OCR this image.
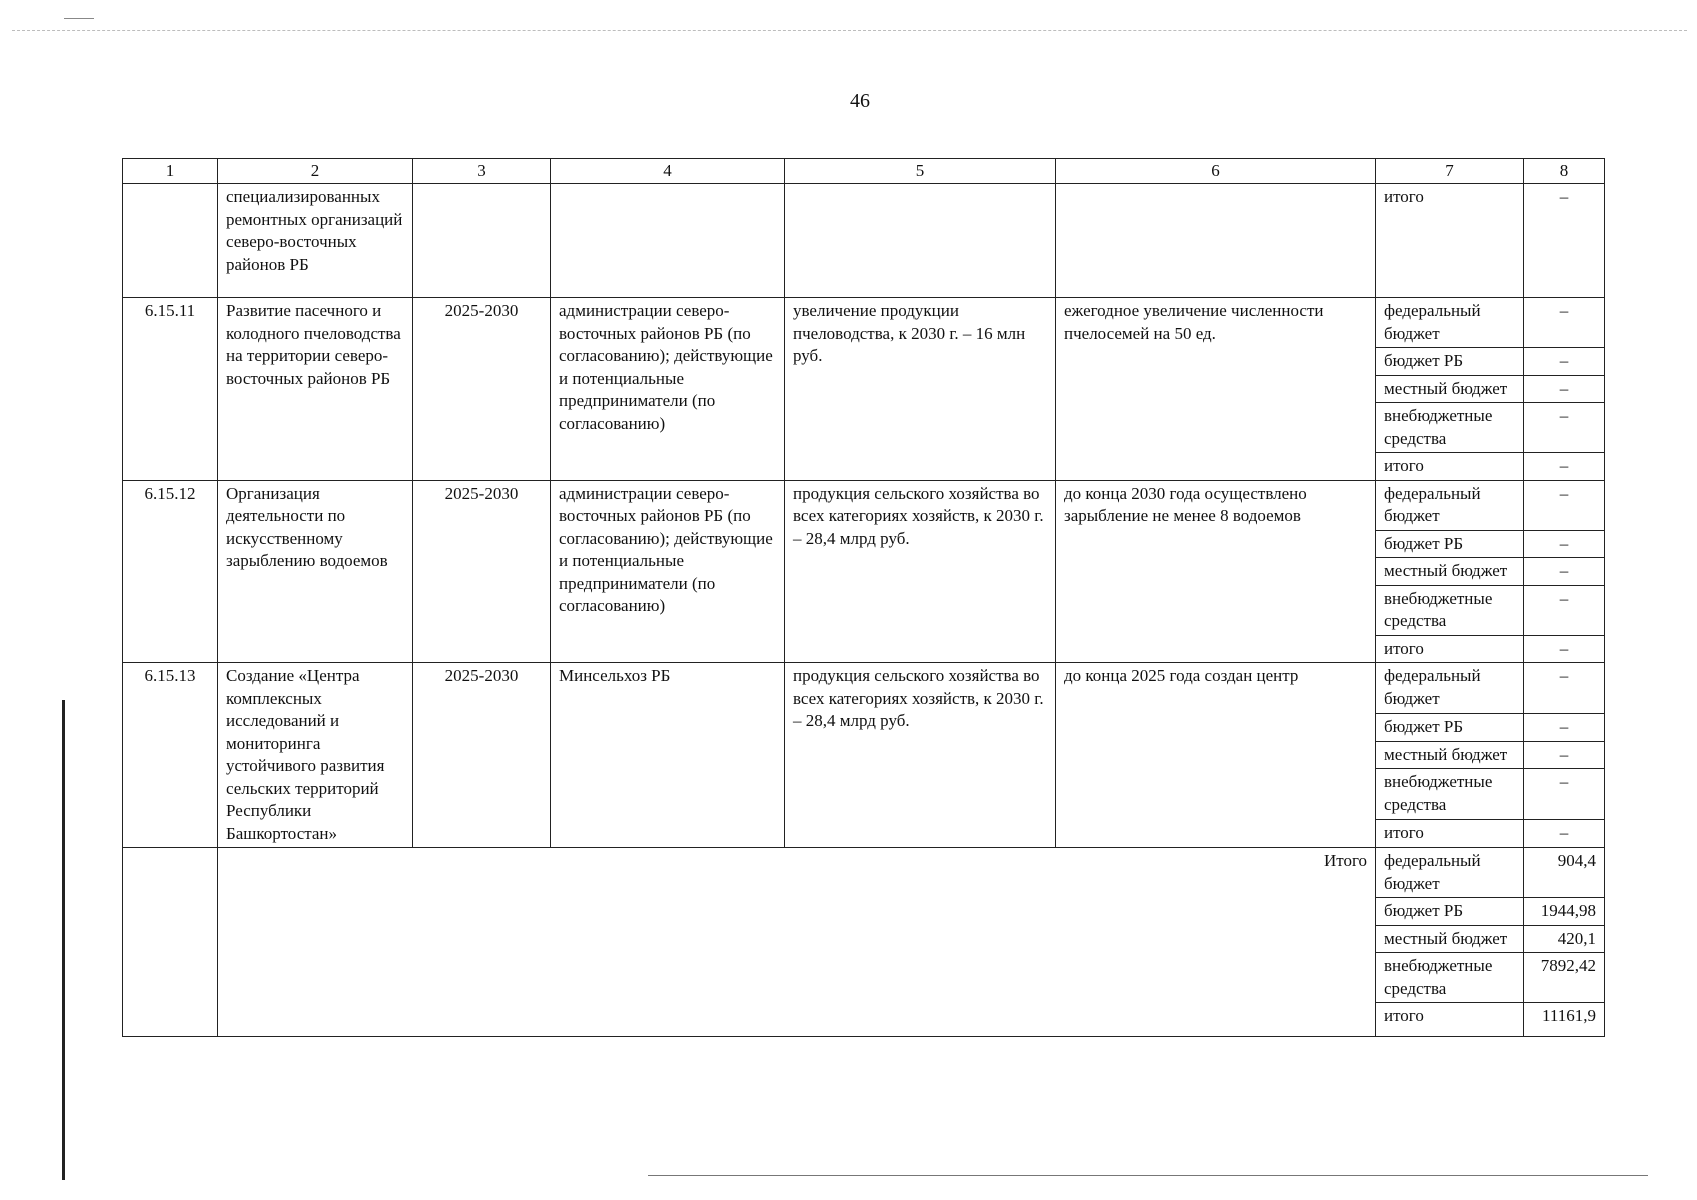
46
1	2	3	4	5	6	7	8
	специализированных ремонтных организаций северо-восточных районов РБ					итого	–
6.15.11	Развитие пасечного и колодного пчеловодства на территории северо-восточных районов РБ	2025-2030	администрации северо-восточных районов РБ (по согласованию); действующие и потенциальные предприниматели (по согласованию)	увеличение продукции пчеловодства, к 2030 г. – 16 млн руб.	ежегодное увеличение численности пчелосемей на 50 ед.	федеральный бюджет	–
						бюджет РБ	–
						местный бюджет	–
						внебюджетные средства	–
						итого	–
6.15.12	Организация деятельности по искусственному зарыблению водоемов	2025-2030	администрации северо-восточных районов РБ (по согласованию); действующие и потенциальные предприниматели (по согласованию)	продукция сельского хозяйства во всех категориях хозяйств, к 2030 г. – 28,4 млрд руб.	до конца 2030 года осуществлено зарыбление не менее 8 водоемов	федеральный бюджет	–
						бюджет РБ	–
						местный бюджет	–
						внебюджетные средства	–
						итого	–
6.15.13	Создание «Центра комплексных исследований и мониторинга устойчивого развития сельских территорий Республики Башкортостан»	2025-2030	Минсельхоз РБ	продукция сельского хозяйства во всех категориях хозяйств, к 2030 г. – 28,4 млрд руб.	до конца 2025 года создан центр	федеральный бюджет	–
						бюджет РБ	–
						местный бюджет	–
						внебюджетные средства	–
						итого	–
	Итого					федеральный бюджет	904,4
						бюджет РБ	1944,98
						местный бюджет	420,1
						внебюджетные средства	7892,42
						итого	11161,9
